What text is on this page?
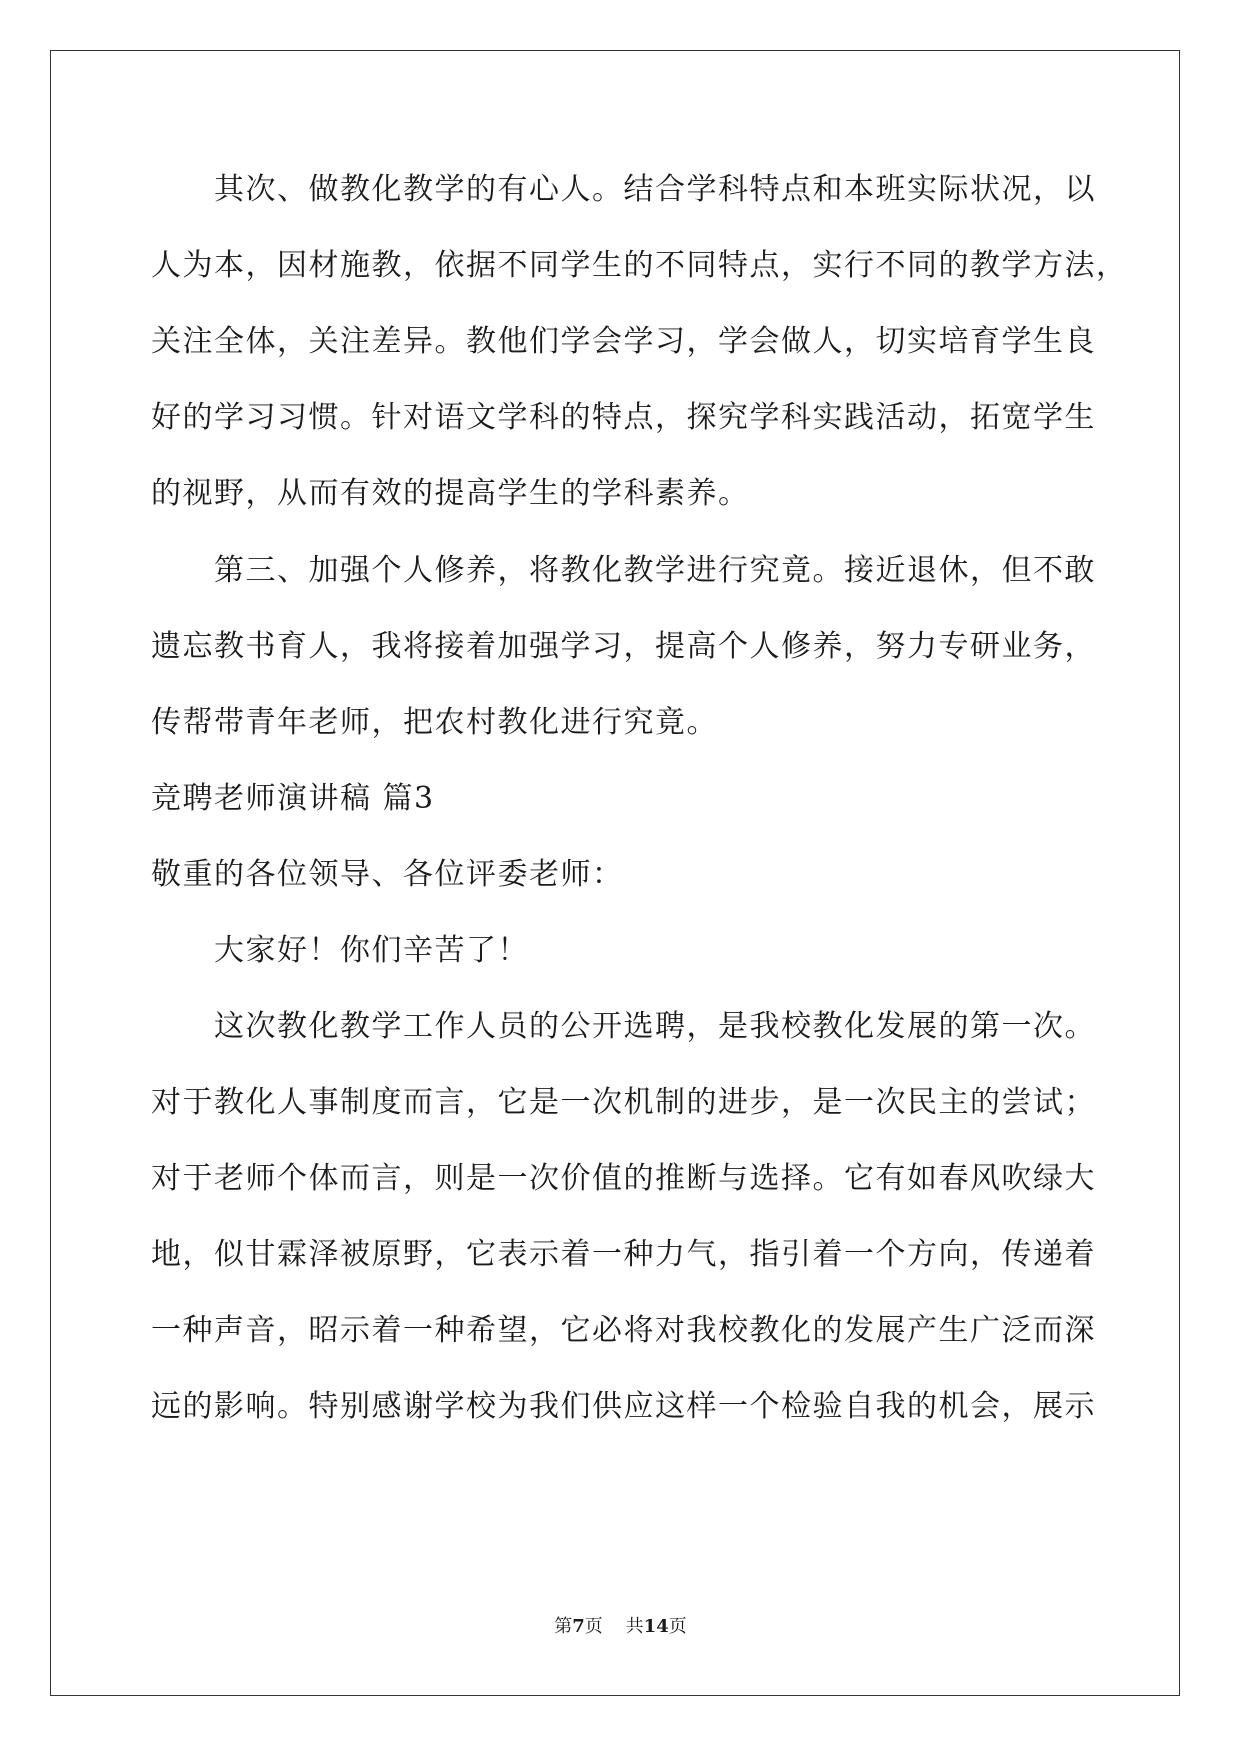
　　其次、做教化教学的有心人。结合学科特点和本班实际状况，以
人为本，因材施教，依据不同学生的不同特点，实行不同的教学方法，
关注全体，关注差异。教他们学会学习，学会做人，切实培育学生良
好的学习习惯。针对语文学科的特点，探究学科实践活动，拓宽学生
的视野，从而有效的提高学生的学科素养。
　　第三、加强个人修养，将教化教学进行究竟。接近退休，但不敢
遗忘教书育人，我将接着加强学习，提高个人修养，努力专研业务，
传帮带青年老师，把农村教化进行究竟。
竞聘老师演讲稿 篇3
敬重的各位领导、各位评委老师：
　　大家好！你们辛苦了！
　　这次教化教学工作人员的公开选聘，是我校教化发展的第一次。
对于教化人事制度而言，它是一次机制的进步，是一次民主的尝试；
对于老师个体而言，则是一次价值的推断与选择。它有如春风吹绿大
地，似甘霖泽被原野，它表示着一种力气，指引着一个方向，传递着
一种声音，昭示着一种希望，它必将对我校教化的发展产生广泛而深
远的影响。特别感谢学校为我们供应这样一个检验自我的机会，展示
第7页 共14页
